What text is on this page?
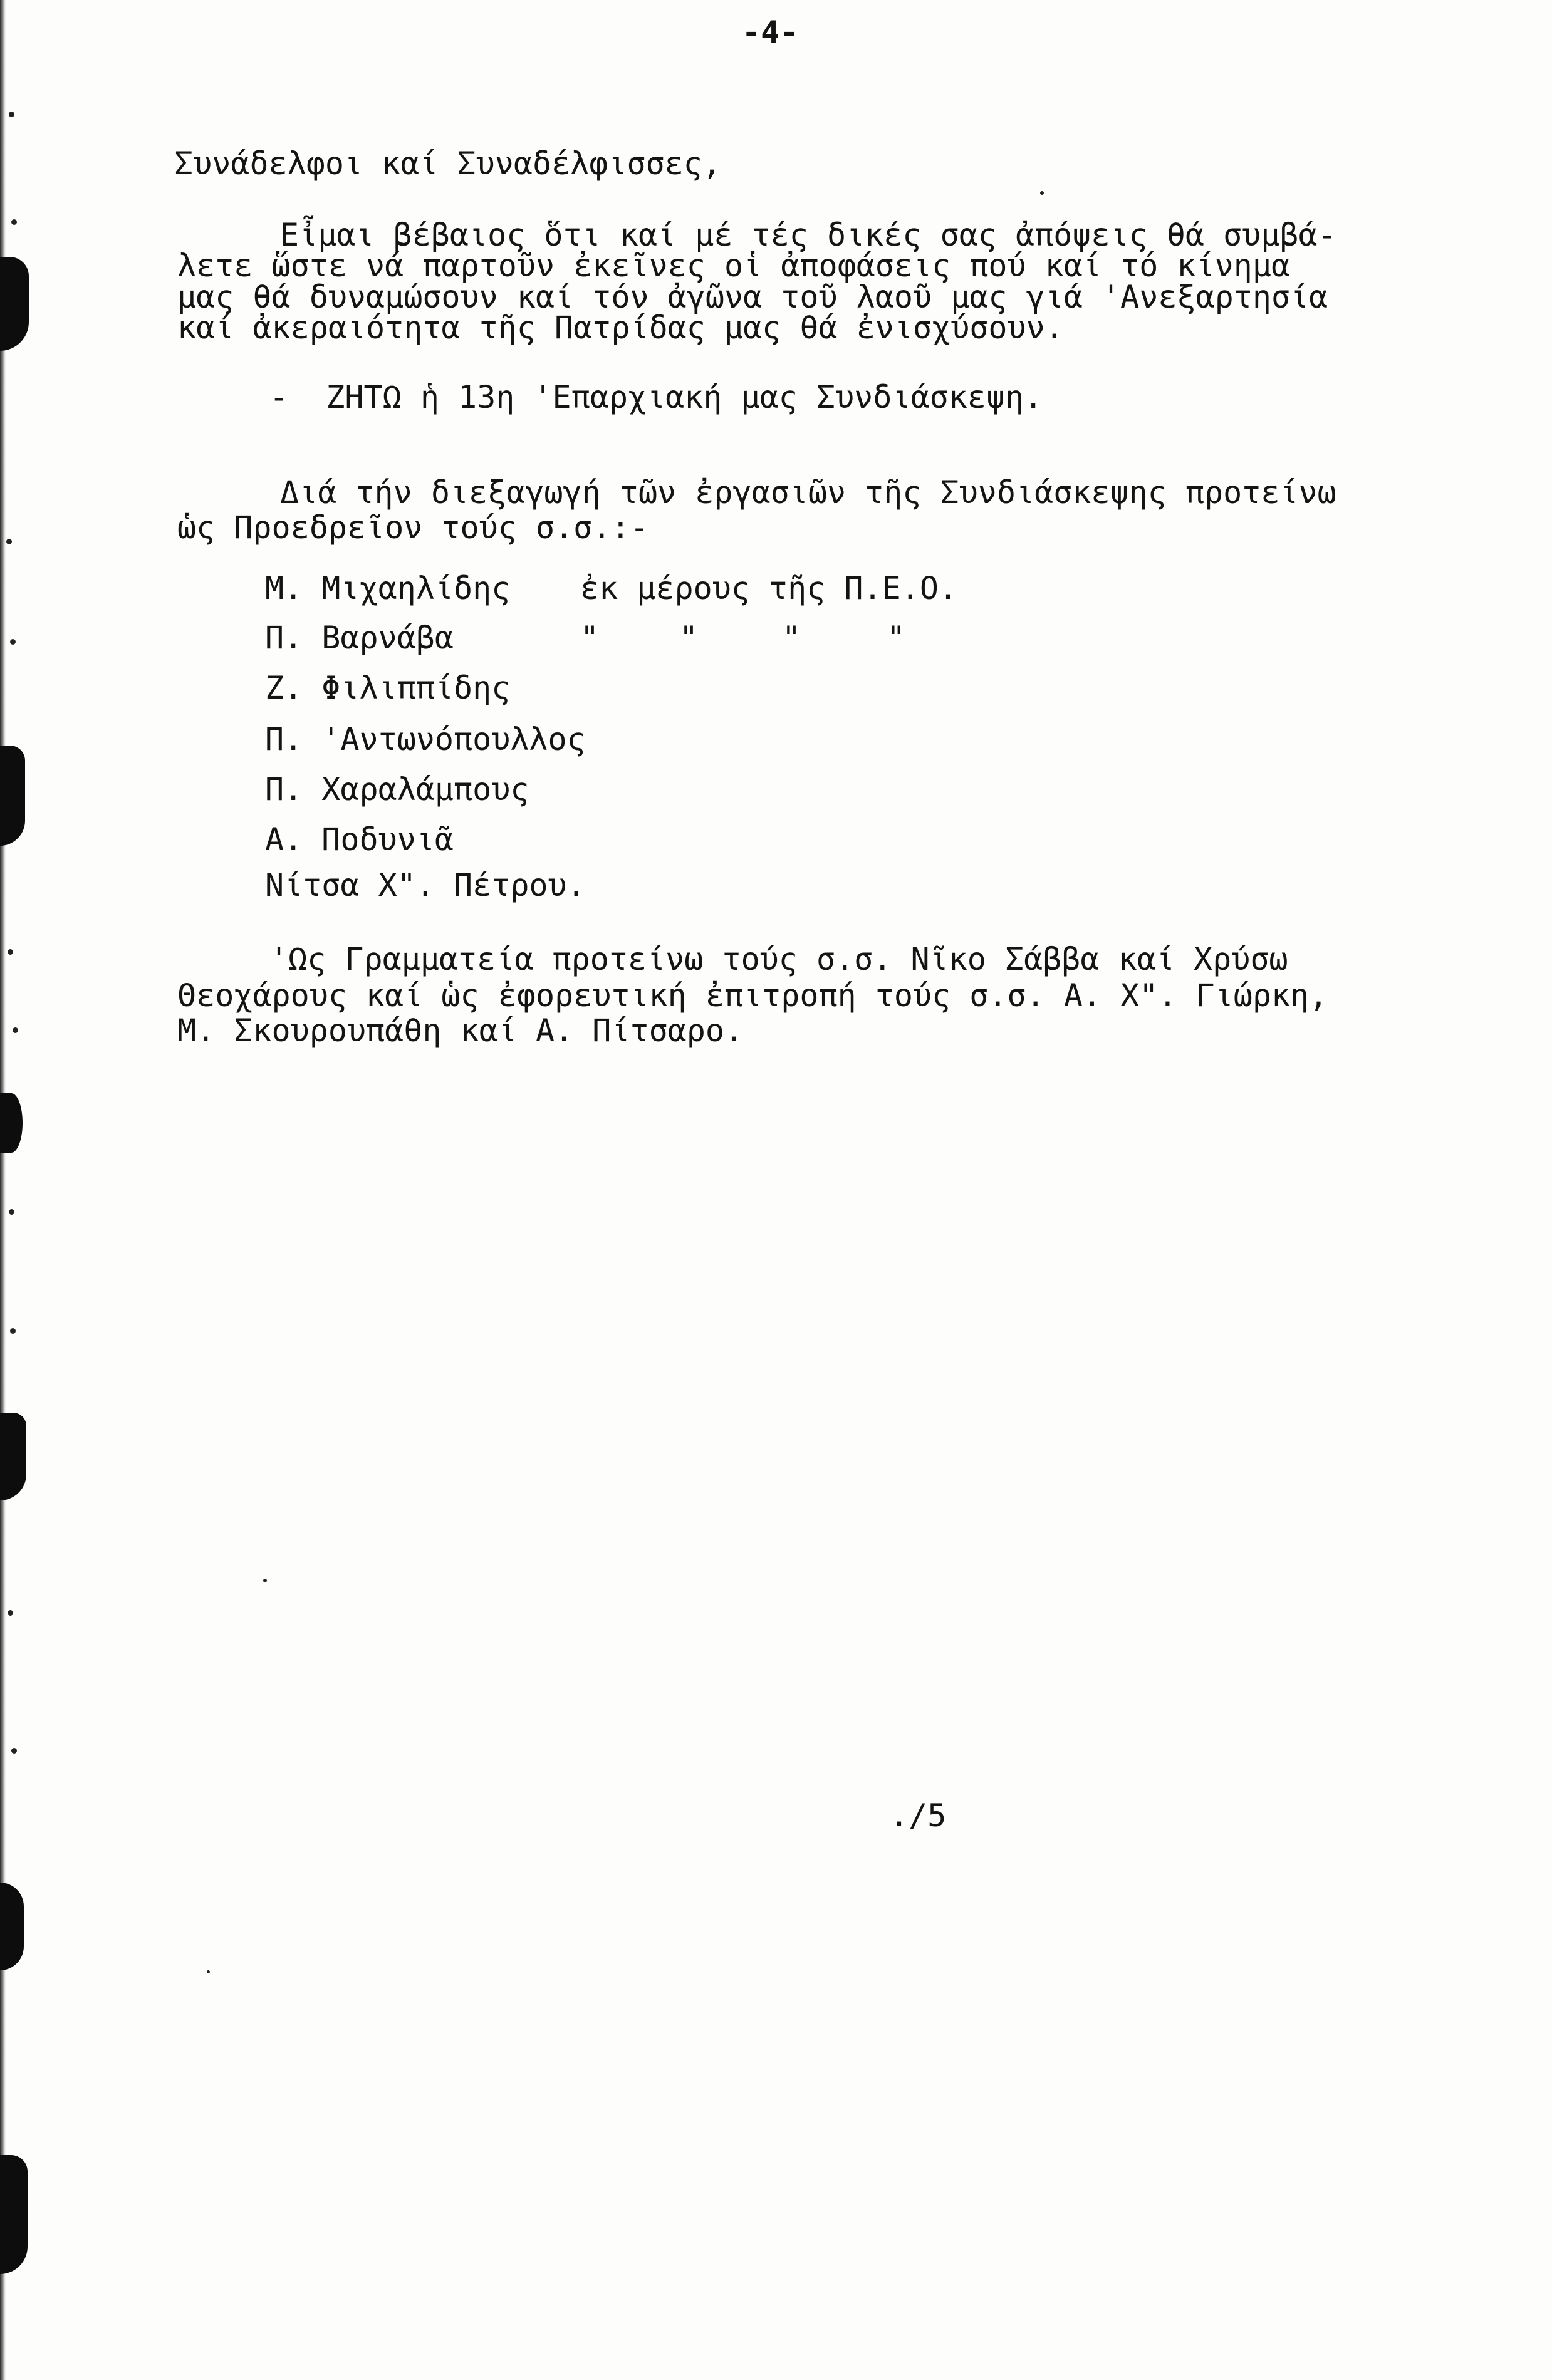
-4-
Συνάδελφοι καί Συναδέλφισσες,
Εἶμαι βέβαιος ὅτι καί μέ τές δικές σας ἀπόψεις θά συμβά-
λετε ὥστε νά παρτοῦν ἐκεῖνες οἱ ἀποφάσεις πού καί τό κίνημα
μας θά δυναμώσουν καί τόν ἀγῶνα τοῦ λαοῦ μας γιά 'Ανεξαρτησία
καί ἀκεραιότητα τῆς Πατρίδας μας θά ἐνισχύσουν.
-  ΖΗΤΩ ἡ 13η 'Επαρχιακή μας Συνδιάσκεψη.
Διά τήν διεξαγωγή τῶν ἐργασιῶν τῆς Συνδιάσκεψης προτείνω
ὡς Προεδρεῖον τούς σ.σ.:-
Μ. Μιχαηλίδης ἐκ μέρους τῆς Π.Ε.Ο.
Π. Βαρνάβα	"	"	"	"
Ζ. Φιλιππίδης
Π. 'Αντωνόπουλλος
Π. Χαραλάμπους
Α. Ποδυνιᾶ
Νίτσα Χ". Πέτρου.
'Ως Γραμματεία προτείνω τούς σ.σ. Νῖκο Σάββα καί Χρύσω
Θεοχάρους καί ὡς ἐφορευτική ἐπιτροπή τούς σ.σ. Α. Χ". Γιώρκη,
Μ. Σκουρουπάθη καί Α. Πίτσαρο.
./5
